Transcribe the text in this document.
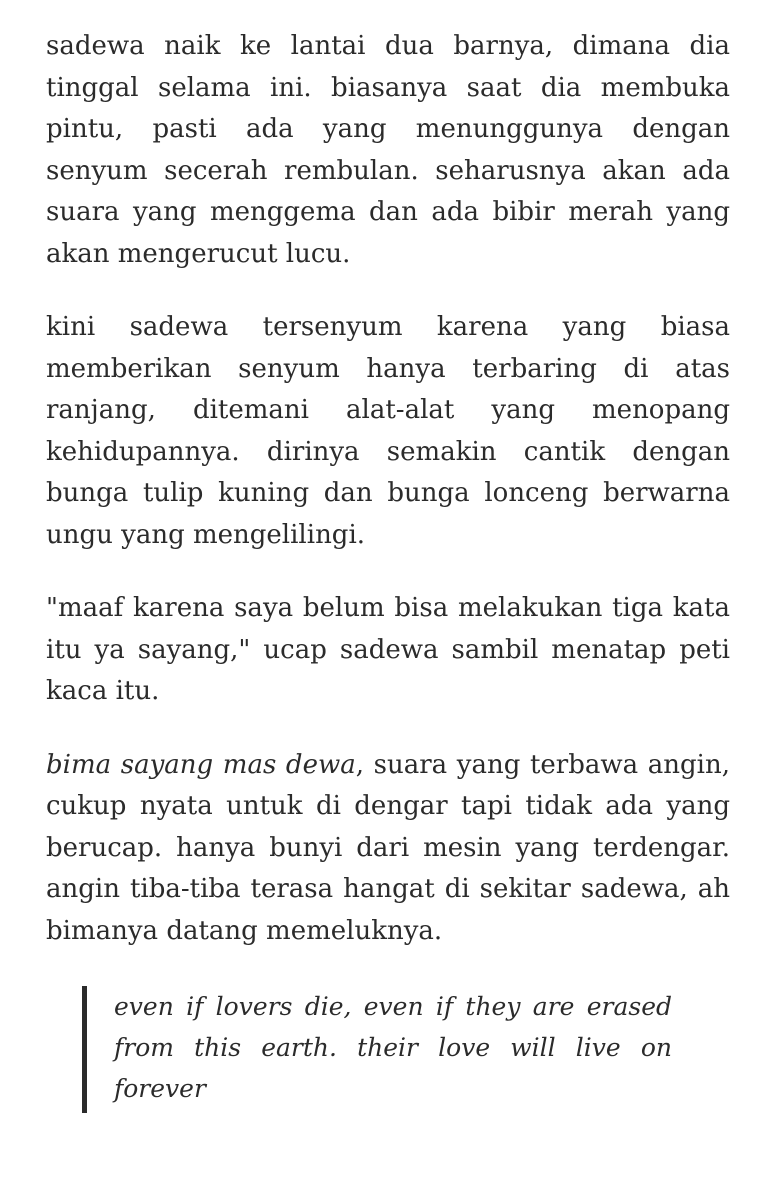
sadewa naik ke lantai dua barnya, dimana dia tinggal selama ini. biasanya saat dia membuka pintu, pasti ada yang menunggunya dengan senyum secerah rembulan. seharusnya akan ada suara yang menggema dan ada bibir merah yang akan mengerucut lucu.

kini sadewa tersenyum karena yang biasa memberikan senyum hanya terbaring di atas ranjang, ditemani alat-alat yang menopang kehidupannya. dirinya semakin cantik dengan bunga tulip kuning dan bunga lonceng berwarna ungu yang mengelilingi.

"maaf karena saya belum bisa melakukan tiga kata itu ya sayang," ucap sadewa sambil menatap peti kaca itu.

bima sayang mas dewa, suara yang terbawa angin, cukup nyata untuk di dengar tapi tidak ada yang berucap. hanya bunyi dari mesin yang terdengar. angin tiba-tiba terasa hangat di sekitar sadewa, ah bimanya datang memeluknya.

even if lovers die, even if they are erased from this earth. their love will live on forever
